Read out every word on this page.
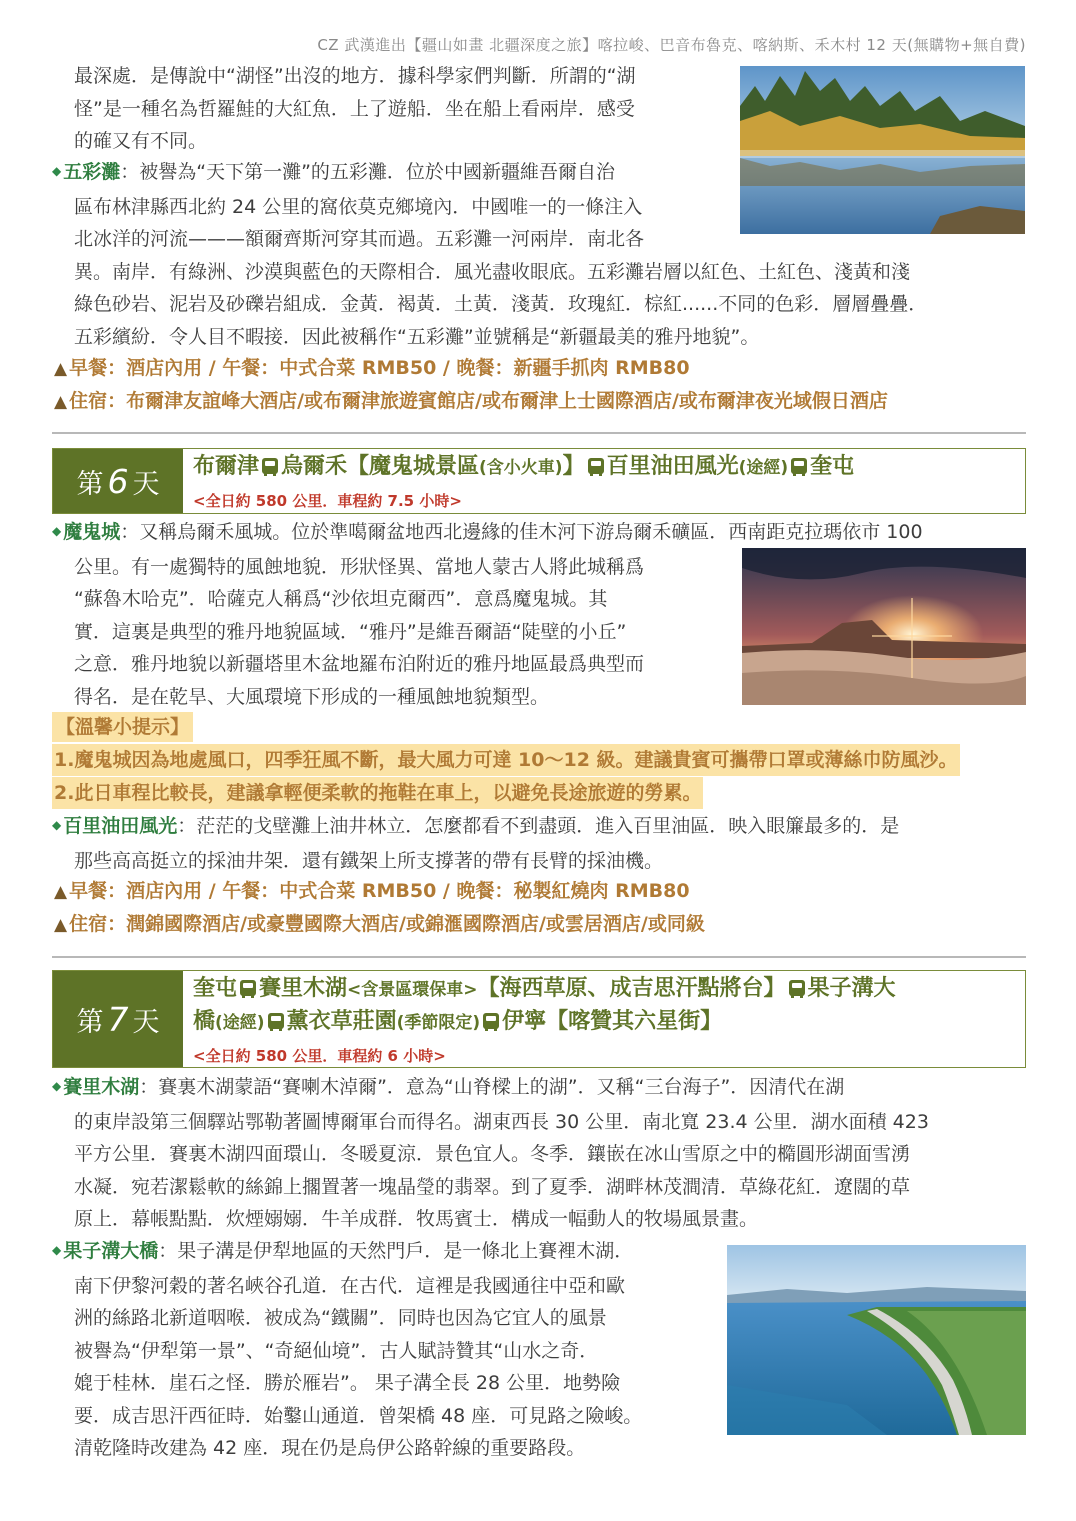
CZ 武漢進出【疆山如畫 北疆深度之旅】喀拉峻、巴音布魯克、喀納斯、禾木村 12 天(無購物+無自費)
最深處．是傳說中“湖怪”出沒的地方．據科學家們判斷．所謂的“湖
怪”是一種名為哲羅鮭的大紅魚．上了遊船．坐在船上看兩岸．感受
的確又有不同。
◆ 五彩灘：被譽為“天下第一灘”的五彩灘．位於中國新疆維吾爾自治
區布林津縣西北約 24 公里的窩依莫克鄉境內．中國唯一的一條注入
北冰洋的河流———額爾齊斯河穿其而過。五彩灘一河兩岸．南北各
異。南岸．有綠洲、沙漠與藍色的天際相合．風光盡收眼底。五彩灘岩層以紅色、土紅色、淺黃和淺
綠色砂岩、泥岩及砂礫岩組成．金黃．褐黃．土黃．淺黃．玫瑰紅．棕紅......不同的色彩．層層疊疊．
五彩繽紛．令人目不暇接．因此被稱作“五彩灘”並號稱是“新疆最美的雅丹地貌”。
▲ 早餐：酒店內用 / 午餐：中式合菜 RMB50 / 晚餐：新疆手抓肉 RMB80
▲ 住宿：布爾津友誼峰大酒店/或布爾津旅遊賓館店/或布爾津上士國際酒店/或布爾津夜光域假日酒店
第 6 天
布爾津 烏爾禾【魔鬼城景區(含小火車)】 百里油田風光(途經) 奎屯
<全日約 580 公里．車程約 7.5 小時>
◆ 魔鬼城：又稱烏爾禾風城。位於準噶爾盆地西北邊緣的佳木河下游烏爾禾礦區．西南距克拉瑪依市 100
公里。有一處獨特的風蝕地貌．形狀怪異、當地人蒙古人將此城稱爲
“蘇魯木哈克”．哈薩克人稱爲“沙依坦克爾西”．意爲魔鬼城。其
實．這裏是典型的雅丹地貌區域．“雅丹”是維吾爾語“陡壁的小丘”
之意．雅丹地貌以新疆塔里木盆地羅布泊附近的雅丹地區最爲典型而
得名．是在乾旱、大風環境下形成的一種風蝕地貌類型。
【溫馨小提示】
1.魔鬼城因為地處風口，四季狂風不斷，最大風力可達 10～12 級。建議貴賓可攜帶口罩或薄絲巾防風沙。
2.此日車程比較長，建議拿輕便柔軟的拖鞋在車上，以避免長途旅遊的勞累。
◆ 百里油田風光：茫茫的戈壁灘上油井林立．怎麼都看不到盡頭．進入百里油區．映入眼簾最多的．是
那些高高挺立的採油井架．還有鐵架上所支撐著的帶有長臂的採油機。
▲ 早餐：酒店內用 / 午餐：中式合菜 RMB50 / 晚餐：秘製紅燒肉 RMB80
▲ 住宿：潤錦國際酒店/或豪豐國際大酒店/或錦滙國際酒店/或雲居酒店/或同級
第 7 天
奎屯 賽里木湖<含景區環保車>【海西草原、成吉思汗點將台】 果子溝大
橋(途經) 薰衣草莊園(季節限定) 伊寧【喀贊其六星街】
<全日約 580 公里．車程約 6 小時>
◆ 賽里木湖：賽裏木湖蒙語“賽喇木淖爾”．意為“山脊樑上的湖”．又稱“三台海子”．因清代在湖
的東岸設第三個驛站鄂勒著圖博爾軍台而得名。湖東西長 30 公里．南北寬 23.4 公里．湖水面積 423
平方公里．賽裏木湖四面環山．冬暖夏涼．景色宜人。冬季．鑲嵌在冰山雪原之中的橢圓形湖面雪湧
水凝．宛若潔鬆軟的絲錦上擱置著一塊晶瑩的翡翠。到了夏季．湖畔林茂澗清．草綠花紅．遼闊的草
原上．幕帳點點．炊煙嫋嫋．牛羊成群．牧馬賓士．構成一幅動人的牧場風景畫。
◆ 果子溝大橋：果子溝是伊犁地區的天然門戶．是一條北上賽裡木湖．
南下伊黎河穀的著名峽谷孔道．在古代．這裡是我國通往中亞和歐
洲的絲路北新道咽喉．被成為“鐵關”．同時也因為它宜人的風景
被譽為“伊犁第一景”、“奇絕仙境”．古人賦詩贊其“山水之奇．
媲于桂林．崖石之怪．勝於雁岩”。 果子溝全長 28 公里．地勢險
要．成吉思汗西征時．始鑿山通道．曾架橋 48 座．可見路之險峻。
清乾隆時改建為 42 座．現在仍是烏伊公路幹線的重要路段。
